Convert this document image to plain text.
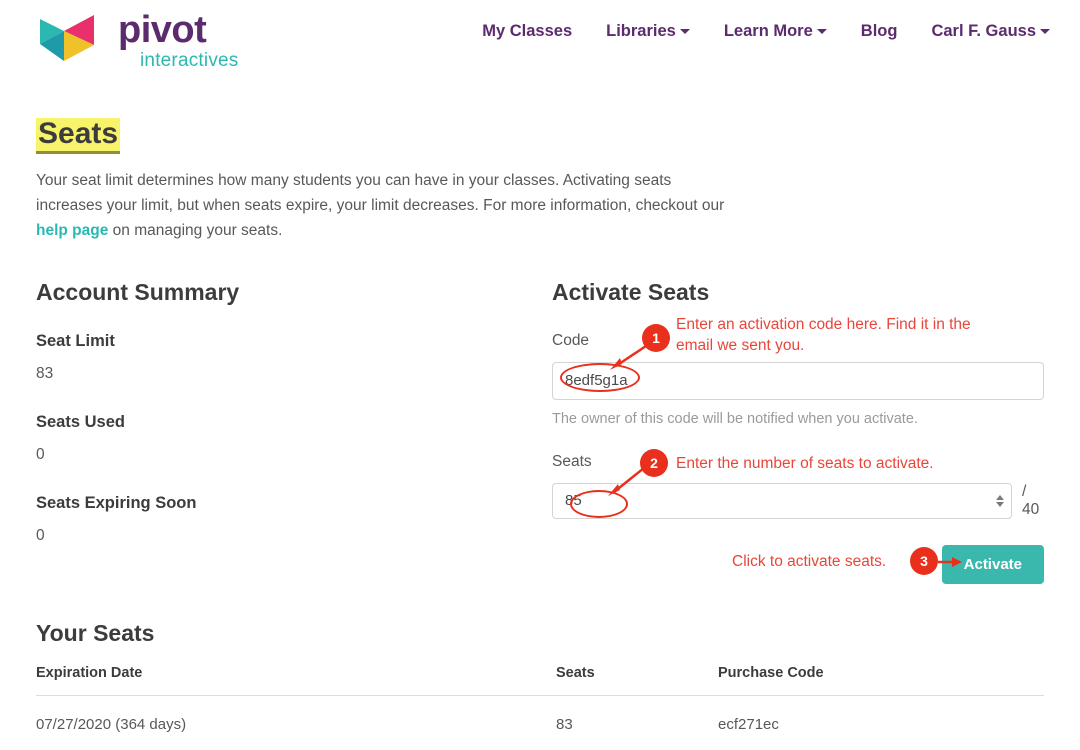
pivot
interactives
My Classes Libraries	Learn More	Blog Carl F. Gauss
Seats
Your seat limit determines how many students you can have in your classes. Activating seats increases your limit, but when seats expire, your limit decreases. For more information, checkout our help page on managing your seats.
Account Summary
Seat Limit
83
Seats Used
0
Seats Expiring Soon
0
Activate Seats
Code
8edf5g1a
The owner of this code will be notified when you activate.
Seats
85
/ 40
Activate
Your Seats
Expiration Date	Seats	Purchase Code
07/27/2020 (364 days)	83	ecf271ec
1
Enter an activation code here. Find it in the email we sent you.
2	Enter the number of seats to activate.
Click to activate seats.	3
